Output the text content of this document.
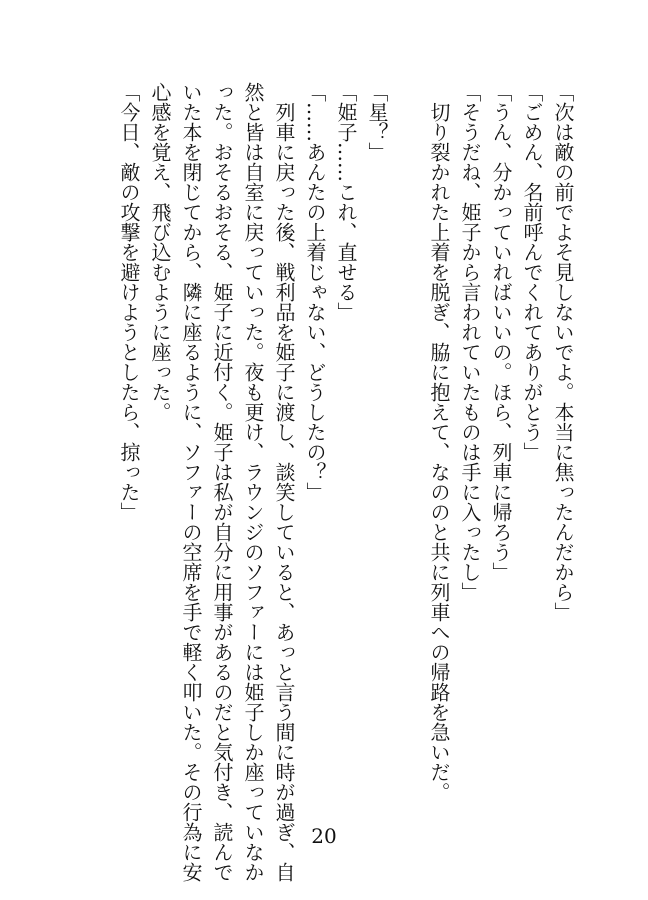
「次は敵の前でよそ見しないでよ。本当に焦ったんだから」
「ごめん、名前呼んでくれてありがとう」
「うん、分かっていればいいの。ほら、列車に帰ろう」
「そうだね、姫子から言われていたものは手に入ったし」
　切り裂かれた上着を脱ぎ、脇に抱えて、なののと共に列車への帰路を急いだ。
「星？」
「姫子……これ、直せる」
「……あんたの上着じゃない、どうしたの？」
　列車に戻った後、戦利品を姫子に渡し、談笑していると、あっと言う間に時が過ぎ、自
然と皆は自室に戻っていった。夜も更け、ラウンジのソファーには姫子しか座っていなか
った。おそるおそる、姫子に近付く。姫子は私が自分に用事があるのだと気付き、読んで
いた本を閉じてから、隣に座るように、ソファーの空席を手で軽く叩いた。その行為に安
心感を覚え、飛び込むように座った。
「今日、敵の攻撃を避けようとしたら、掠った」
20
